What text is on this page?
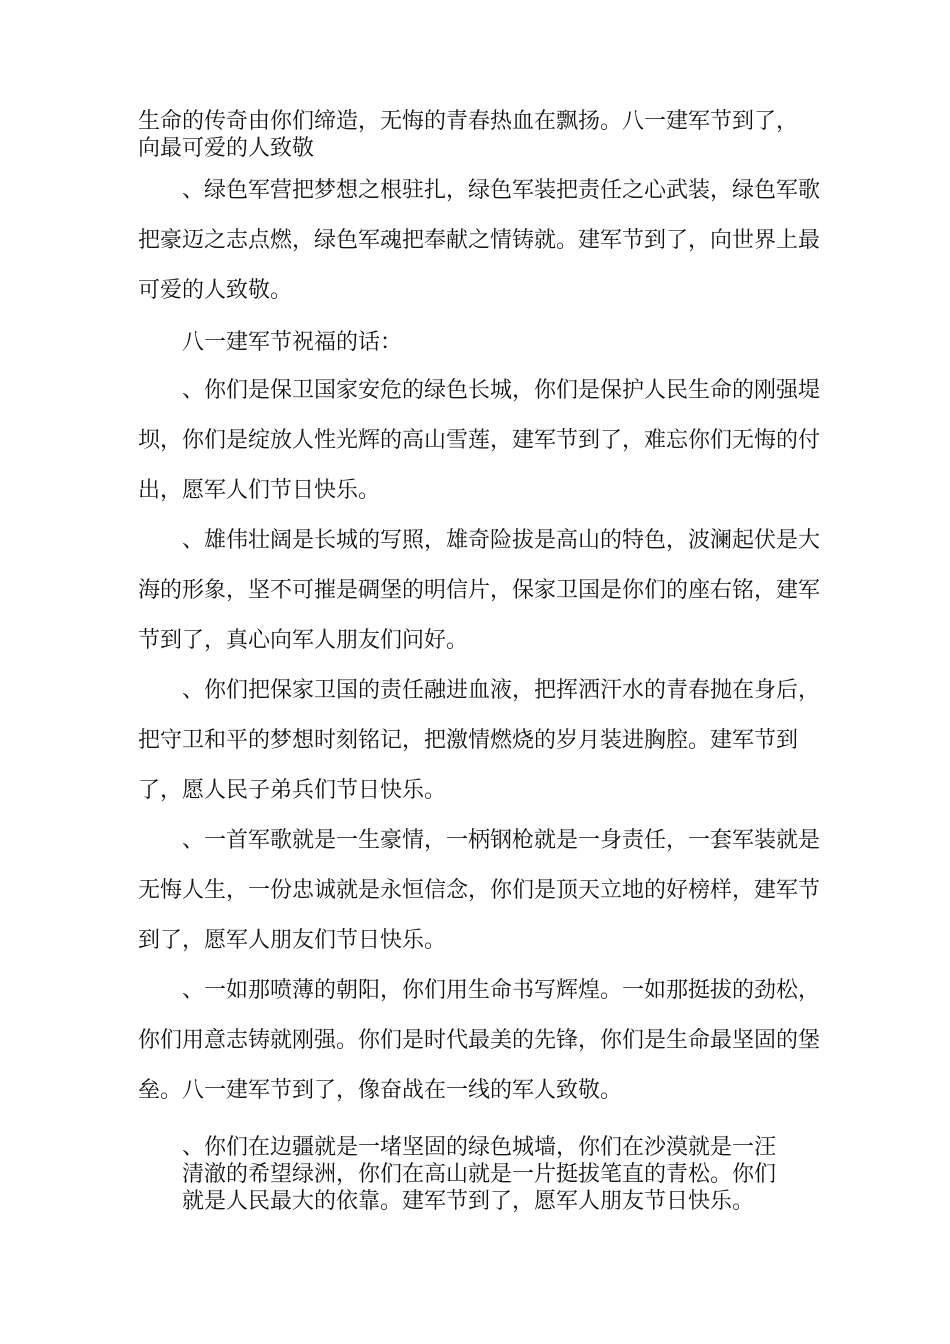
生命的传奇由你们缔造，无悔的青春热血在飘扬。八一建军节到了，
向最可爱的人致敬

、绿色军营把梦想之根驻扎，绿色军装把责任之心武装，绿色军歌把豪迈之志点燃，绿色军魂把奉献之情铸就。建军节到了，向世界上最可爱的人致敬。

八一建军节祝福的话：

、你们是保卫国家安危的绿色长城，你们是保护人民生命的刚强堤坝，你们是绽放人性光辉的高山雪莲，建军节到了，难忘你们无悔的付出，愿军人们节日快乐。

、雄伟壮阔是长城的写照，雄奇险拔是高山的特色，波澜起伏是大海的形象，坚不可摧是碉堡的明信片，保家卫国是你们的座右铭，建军节到了，真心向军人朋友们问好。

、你们把保家卫国的责任融进血液，把挥洒汗水的青春抛在身后，把守卫和平的梦想时刻铭记，把激情燃烧的岁月装进胸腔。建军节到了，愿人民子弟兵们节日快乐。

、一首军歌就是一生豪情，一柄钢枪就是一身责任，一套军装就是无悔人生，一份忠诚就是永恒信念，你们是顶天立地的好榜样，建军节到了，愿军人朋友们节日快乐。

、一如那喷薄的朝阳，你们用生命书写辉煌。一如那挺拔的劲松，你们用意志铸就刚强。你们是时代最美的先锋，你们是生命最坚固的堡垒。八一建军节到了，像奋战在一线的军人致敬。

、你们在边疆就是一堵坚固的绿色城墙，你们在沙漠就是一汪
清澈的希望绿洲，你们在高山就是一片挺拔笔直的青松。你们
就是人民最大的依靠。建军节到了，愿军人朋友节日快乐。
